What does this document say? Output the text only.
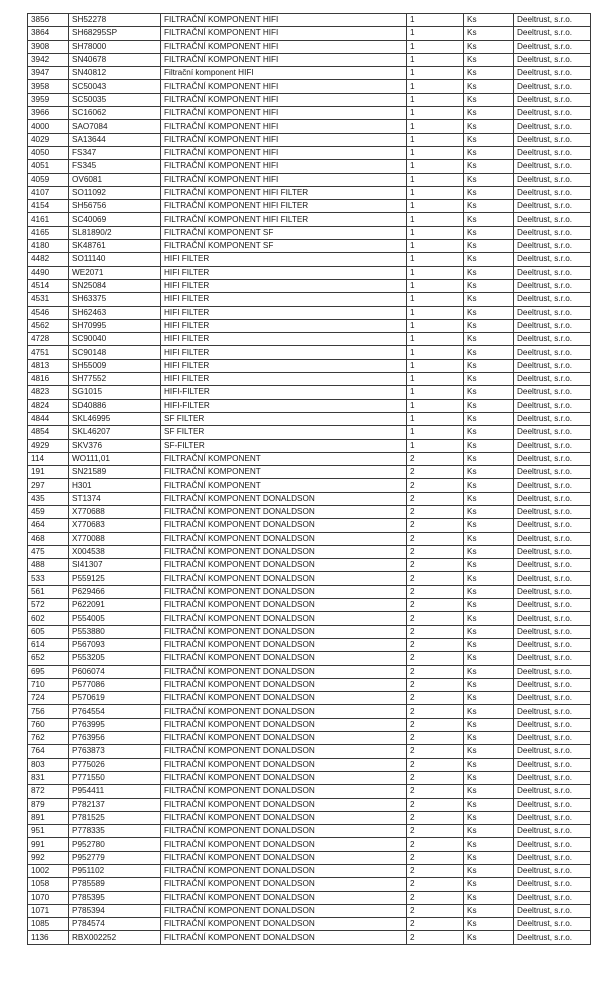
3856	SH52278	FILTRAČNÍ KOMPONENT HIFI	1	Ks	Deeltrust, s.r.o.
3864	SH68295SP	FILTRAČNÍ KOMPONENT HIFI	1	Ks	Deeltrust, s.r.o.
3908	SH78000	FILTRAČNÍ KOMPONENT HIFI	1	Ks	Deeltrust, s.r.o.
3942	SN40678	FILTRAČNÍ KOMPONENT HIFI	1	Ks	Deeltrust, s.r.o.
3947	SN40812	Filtrační komponent HIFI	1	Ks	Deeltrust, s.r.o.
3958	SC50043	FILTRAČNÍ KOMPONENT HIFI	1	Ks	Deeltrust, s.r.o.
3959	SC50035	FILTRAČNÍ KOMPONENT HIFI	1	Ks	Deeltrust, s.r.o.
3966	SC16062	FILTRAČNÍ KOMPONENT HIFI	1	Ks	Deeltrust, s.r.o.
4000	SAO7084	FILTRAČNÍ KOMPONENT HIFI	1	Ks	Deeltrust, s.r.o.
4029	SA13644	FILTRAČNÍ KOMPONENT HIFI	1	Ks	Deeltrust, s.r.o.
4050	FS347	FILTRAČNÍ KOMPONENT HIFI	1	Ks	Deeltrust, s.r.o.
4051	FS345	FILTRAČNÍ KOMPONENT HIFI	1	Ks	Deeltrust, s.r.o.
4059	OV6081	FILTRAČNÍ KOMPONENT HIFI	1	Ks	Deeltrust, s.r.o.
4107	SO11092	FILTRAČNÍ KOMPONENT HIFI FILTER	1	Ks	Deeltrust, s.r.o.
4154	SH56756	FILTRAČNÍ KOMPONENT HIFI FILTER	1	Ks	Deeltrust, s.r.o.
4161	SC40069	FILTRAČNÍ KOMPONENT HIFI FILTER	1	Ks	Deeltrust, s.r.o.
4165	SL81890/2	FILTRAČNÍ KOMPONENT SF	1	Ks	Deeltrust, s.r.o.
4180	SK48761	FILTRAČNÍ KOMPONENT SF	1	Ks	Deeltrust, s.r.o.
4482	SO11140	HIFI FILTER	1	Ks	Deeltrust, s.r.o.
4490	WE2071	HIFI FILTER	1	Ks	Deeltrust, s.r.o.
4514	SN25084	HIFI FILTER	1	Ks	Deeltrust, s.r.o.
4531	SH63375	HIFI FILTER	1	Ks	Deeltrust, s.r.o.
4546	SH62463	HIFI FILTER	1	Ks	Deeltrust, s.r.o.
4562	SH70995	HIFI FILTER	1	Ks	Deeltrust, s.r.o.
4728	SC90040	HIFI FILTER	1	Ks	Deeltrust, s.r.o.
4751	SC90148	HIFI FILTER	1	Ks	Deeltrust, s.r.o.
4813	SH55009	HIFI FILTER	1	Ks	Deeltrust, s.r.o.
4816	SH77552	HIFI FILTER	1	Ks	Deeltrust, s.r.o.
4823	SG1015	HIFI-FILTER	1	Ks	Deeltrust, s.r.o.
4824	SD40886	HIFI-FILTER	1	Ks	Deeltrust, s.r.o.
4844	SKL46995	SF FILTER	1	Ks	Deeltrust, s.r.o.
4854	SKL46207	SF FILTER	1	Ks	Deeltrust, s.r.o.
4929	SKV376	SF-FILTER	1	Ks	Deeltrust, s.r.o.
114	WO111,01	FILTRAČNÍ KOMPONENT	2	Ks	Deeltrust, s.r.o.
191	SN21589	FILTRAČNÍ KOMPONENT	2	Ks	Deeltrust, s.r.o.
297	H301	FILTRAČNÍ KOMPONENT	2	Ks	Deeltrust, s.r.o.
435	ST1374	FILTRAČNÍ KOMPONENT DONALDSON	2	Ks	Deeltrust, s.r.o.
459	X770688	FILTRAČNÍ KOMPONENT DONALDSON	2	Ks	Deeltrust, s.r.o.
464	X770683	FILTRAČNÍ KOMPONENT DONALDSON	2	Ks	Deeltrust, s.r.o.
468	X770088	FILTRAČNÍ KOMPONENT DONALDSON	2	Ks	Deeltrust, s.r.o.
475	X004538	FILTRAČNÍ KOMPONENT DONALDSON	2	Ks	Deeltrust, s.r.o.
488	SI41307	FILTRAČNÍ KOMPONENT DONALDSON	2	Ks	Deeltrust, s.r.o.
533	P559125	FILTRAČNÍ KOMPONENT DONALDSON	2	Ks	Deeltrust, s.r.o.
561	P629466	FILTRAČNÍ KOMPONENT DONALDSON	2	Ks	Deeltrust, s.r.o.
572	P622091	FILTRAČNÍ KOMPONENT DONALDSON	2	Ks	Deeltrust, s.r.o.
602	P554005	FILTRAČNÍ KOMPONENT DONALDSON	2	Ks	Deeltrust, s.r.o.
605	P553880	FILTRAČNÍ KOMPONENT DONALDSON	2	Ks	Deeltrust, s.r.o.
614	P567093	FILTRAČNÍ KOMPONENT DONALDSON	2	Ks	Deeltrust, s.r.o.
652	P553205	FILTRAČNÍ KOMPONENT DONALDSON	2	Ks	Deeltrust, s.r.o.
695	P606074	FILTRAČNÍ KOMPONENT DONALDSON	2	Ks	Deeltrust, s.r.o.
710	P577086	FILTRAČNÍ KOMPONENT DONALDSON	2	Ks	Deeltrust, s.r.o.
724	P570619	FILTRAČNÍ KOMPONENT DONALDSON	2	Ks	Deeltrust, s.r.o.
756	P764554	FILTRAČNÍ KOMPONENT DONALDSON	2	Ks	Deeltrust, s.r.o.
760	P763995	FILTRAČNÍ KOMPONENT DONALDSON	2	Ks	Deeltrust, s.r.o.
762	P763956	FILTRAČNÍ KOMPONENT DONALDSON	2	Ks	Deeltrust, s.r.o.
764	P763873	FILTRAČNÍ KOMPONENT DONALDSON	2	Ks	Deeltrust, s.r.o.
803	P775026	FILTRAČNÍ KOMPONENT DONALDSON	2	Ks	Deeltrust, s.r.o.
831	P771550	FILTRAČNÍ KOMPONENT DONALDSON	2	Ks	Deeltrust, s.r.o.
872	P954411	FILTRAČNÍ KOMPONENT DONALDSON	2	Ks	Deeltrust, s.r.o.
879	P782137	FILTRAČNÍ KOMPONENT DONALDSON	2	Ks	Deeltrust, s.r.o.
891	P781525	FILTRAČNÍ KOMPONENT DONALDSON	2	Ks	Deeltrust, s.r.o.
951	P778335	FILTRAČNÍ KOMPONENT DONALDSON	2	Ks	Deeltrust, s.r.o.
991	P952780	FILTRAČNÍ KOMPONENT DONALDSON	2	Ks	Deeltrust, s.r.o.
992	P952779	FILTRAČNÍ KOMPONENT DONALDSON	2	Ks	Deeltrust, s.r.o.
1002	P951102	FILTRAČNÍ KOMPONENT DONALDSON	2	Ks	Deeltrust, s.r.o.
1058	P785589	FILTRAČNÍ KOMPONENT DONALDSON	2	Ks	Deeltrust, s.r.o.
1070	P785395	FILTRAČNÍ KOMPONENT DONALDSON	2	Ks	Deeltrust, s.r.o.
1071	P785394	FILTRAČNÍ KOMPONENT DONALDSON	2	Ks	Deeltrust, s.r.o.
1085	P784574	FILTRAČNÍ KOMPONENT DONALDSON	2	Ks	Deeltrust, s.r.o.
1136	RBX002252	FILTRAČNÍ KOMPONENT DONALDSON	2	Ks	Deeltrust, s.r.o.
